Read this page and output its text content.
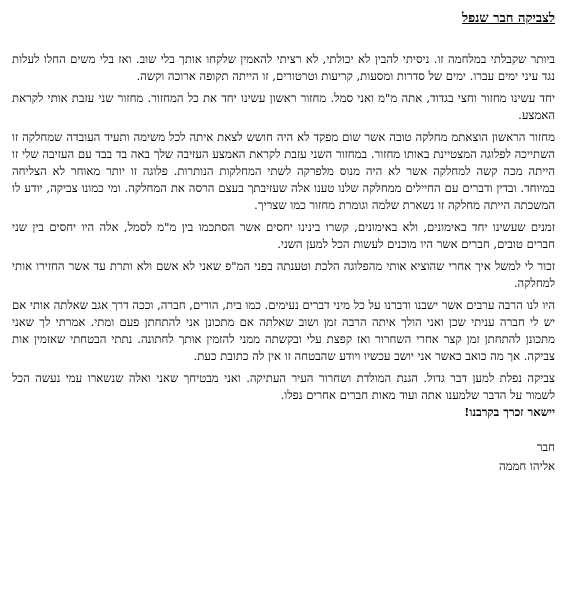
לצביקה חבר שנפל

ביותר שקבלתי במלחמה זו. ניסיתי להבין לא יכולתי, לא רציתי להאמין שלקחו אותך בלי שוב. ואז בלי משים החלו לעלות נגד עיני ימים עברו. ימים של סדרות ומסעות, קריעות וטרטורים, זו הייתה תקופה ארוכה וקשה.

יחד עשינו מחזור וחצי בגדוד, אתה מ"מ ואני סמל. מחזור ראשון עשינו יחד את כל המחזור. מחזור שני עזבת אותי לקראת האמצע.

מחזור הראשון הוצאתמ מחלקה טובה אשר שום מפקד לא היה חושש לצאת איתה לכל משימה ותעיד העובדה שמחלקה זו השתייכה לפלוגה המצטיינת באותו מחזור. במחזור השני עזבת לקראת האמצע העזיבה שלך באה בד בבד עם העזיבה שלי זו הייתה מכה קשה למחלקה אשר לא היה מנוס מלפרקה לשתי המחלקות הנותרות. פלוגה זו יותר מאוחר לא הצליחה במיוחד. ובדין ודברים עם החיילים ממחלקה שלנו טענו אלה שעזיבתך בעצם הרסה את המחלקה. ומי כמונו צביקה, יודע לו המשכתה הייתה מחלקה זו נשארת שלמה וגומרת מחזור כמו שצריך.

זמנים שעשינו יחד באימונים, ולא באימונים, קשרו בינינו יחסים אשר הסתכמו בין מ"מ לסמל, אלה היו יחסים בין שני חברים טובים, חברים אשר היו מוכנים לעשות הכל למען השני.

זכור לי למשל איך אחרי שהוציא אותי מהפלוגה הלכת וטענתה בפני המ"פ שאני לא אשם ולא ותרת עד אשר החזירו אותי למחלקה.

היו לנו הרבה ערבים אשר ישבנו ודברנו על כל מיני דברים נעימים. כמו בית, הורים, חברה, וככה דרך אגב שאלתה אותי אם יש לי חברה עניתי שכן ואני הולך איתה הרבה זמן ושוב שאלתה אם מתכונן אני להתחתן פעם ומתי. אמרתי לך שאני מתכונן להתחתן זמן קצר אחרי השחרור ואז קפצת עלי ובקשתה ממני להזמין אותך לחתונה. נתתי הבטחתי שאזמין אות צביקה. אך מה כואב כאשר אני יושב עכשיו ויודע שהבטחה זו אין לה כתובת כעת.

צביקה נפלת למען דבר גדול. הגנת המולדת ושחרור העיר העתיקה. ואני מבטיחך שאני ואלה שנשארו עמי נעשה הכל לשמור על הדבר שלמענו אתה ועוד מאות חברים אחרים נפלו.

יישאר זכרך בקרבנו!

חבר
אליהו חממה
